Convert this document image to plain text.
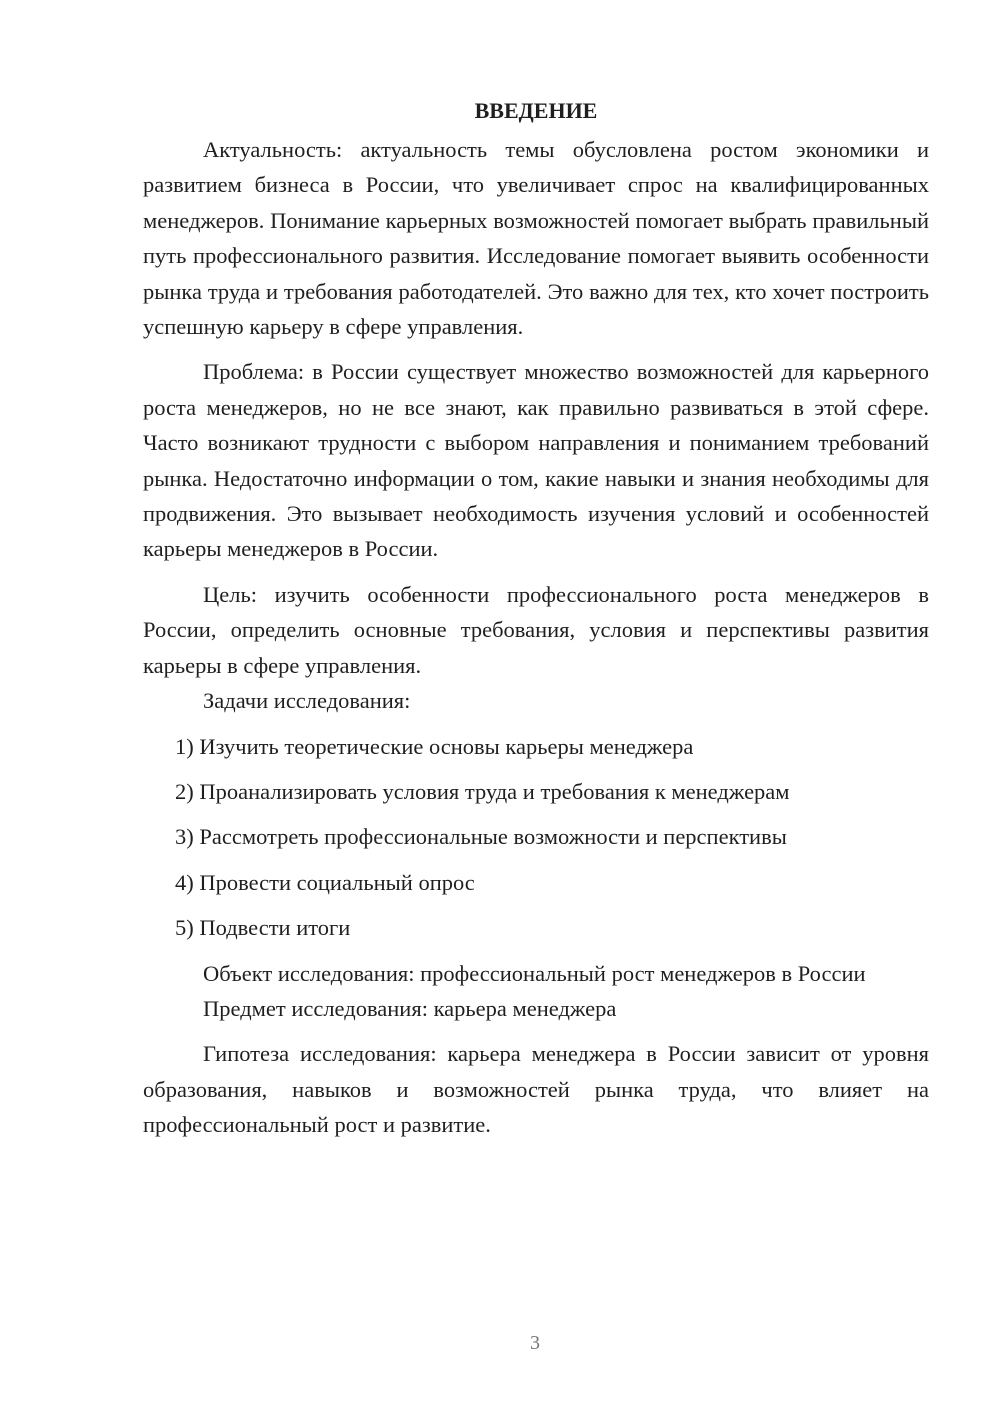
ВВЕДЕНИЕ

Актуальность: актуальность темы обусловлена ростом экономики и развитием бизнеса в России, что увеличивает спрос на квалифицированных менеджеров. Понимание карьерных возможностей помогает выбрать правильный путь профессионального развития. Исследование помогает выявить особенности рынка труда и требования работодателей. Это важно для тех, кто хочет построить успешную карьеру в сфере управления.

Проблема: в России существует множество возможностей для карьерного роста менеджеров, но не все знают, как правильно развиваться в этой сфере. Часто возникают трудности с выбором направления и пониманием требований рынка. Недостаточно информации о том, какие навыки и знания необходимы для продвижения. Это вызывает необходимость изучения условий и особенностей карьеры менеджеров в России.

Цель: изучить особенности профессионального роста менеджеров в России, определить основные требования, условия и перспективы развития карьеры в сфере управления.

Задачи исследования:

1) Изучить теоретические основы карьеры менеджера
2) Проанализировать условия труда и требования к менеджерам
3) Рассмотреть профессиональные возможности и перспективы
4) Провести социальный опрос
5) Подвести итоги

Объект исследования: профессиональный рост менеджеров в России

Предмет исследования: карьера менеджера

Гипотеза исследования: карьера менеджера в России зависит от уровня образования, навыков и возможностей рынка труда, что влияет на профессиональный рост и развитие.

3
